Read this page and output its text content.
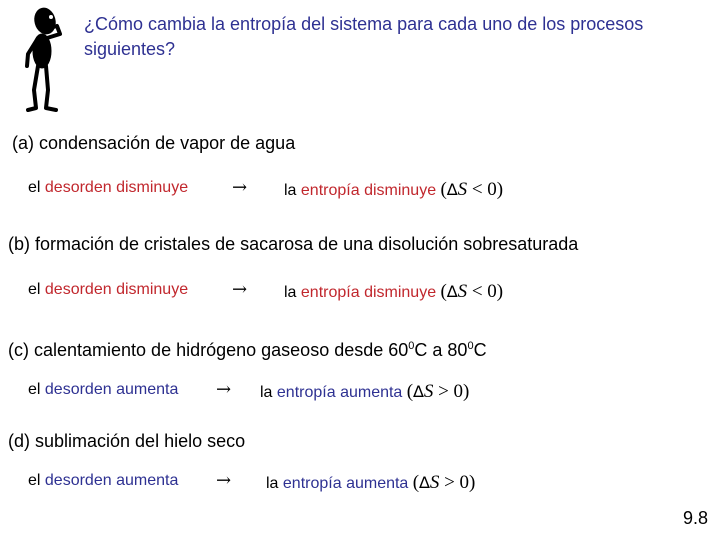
¿Cómo cambia la entropía del sistema para cada uno de los procesos siguientes?
(a) condensación de vapor de agua
el desorden disminuye → la entropía disminuye (∆S < 0)
(b) formación de cristales de sacarosa de una disolución sobresaturada
el desorden disminuye → la entropía disminuye (∆S < 0)
(c) calentamiento de hidrógeno gaseoso desde $60^0C$ a $80^0C$
el desorden aumenta → la entropía aumenta (∆S > 0)
(d) sublimación del hielo seco
el desorden aumenta → la entropía aumenta (∆S > 0)
9.8
